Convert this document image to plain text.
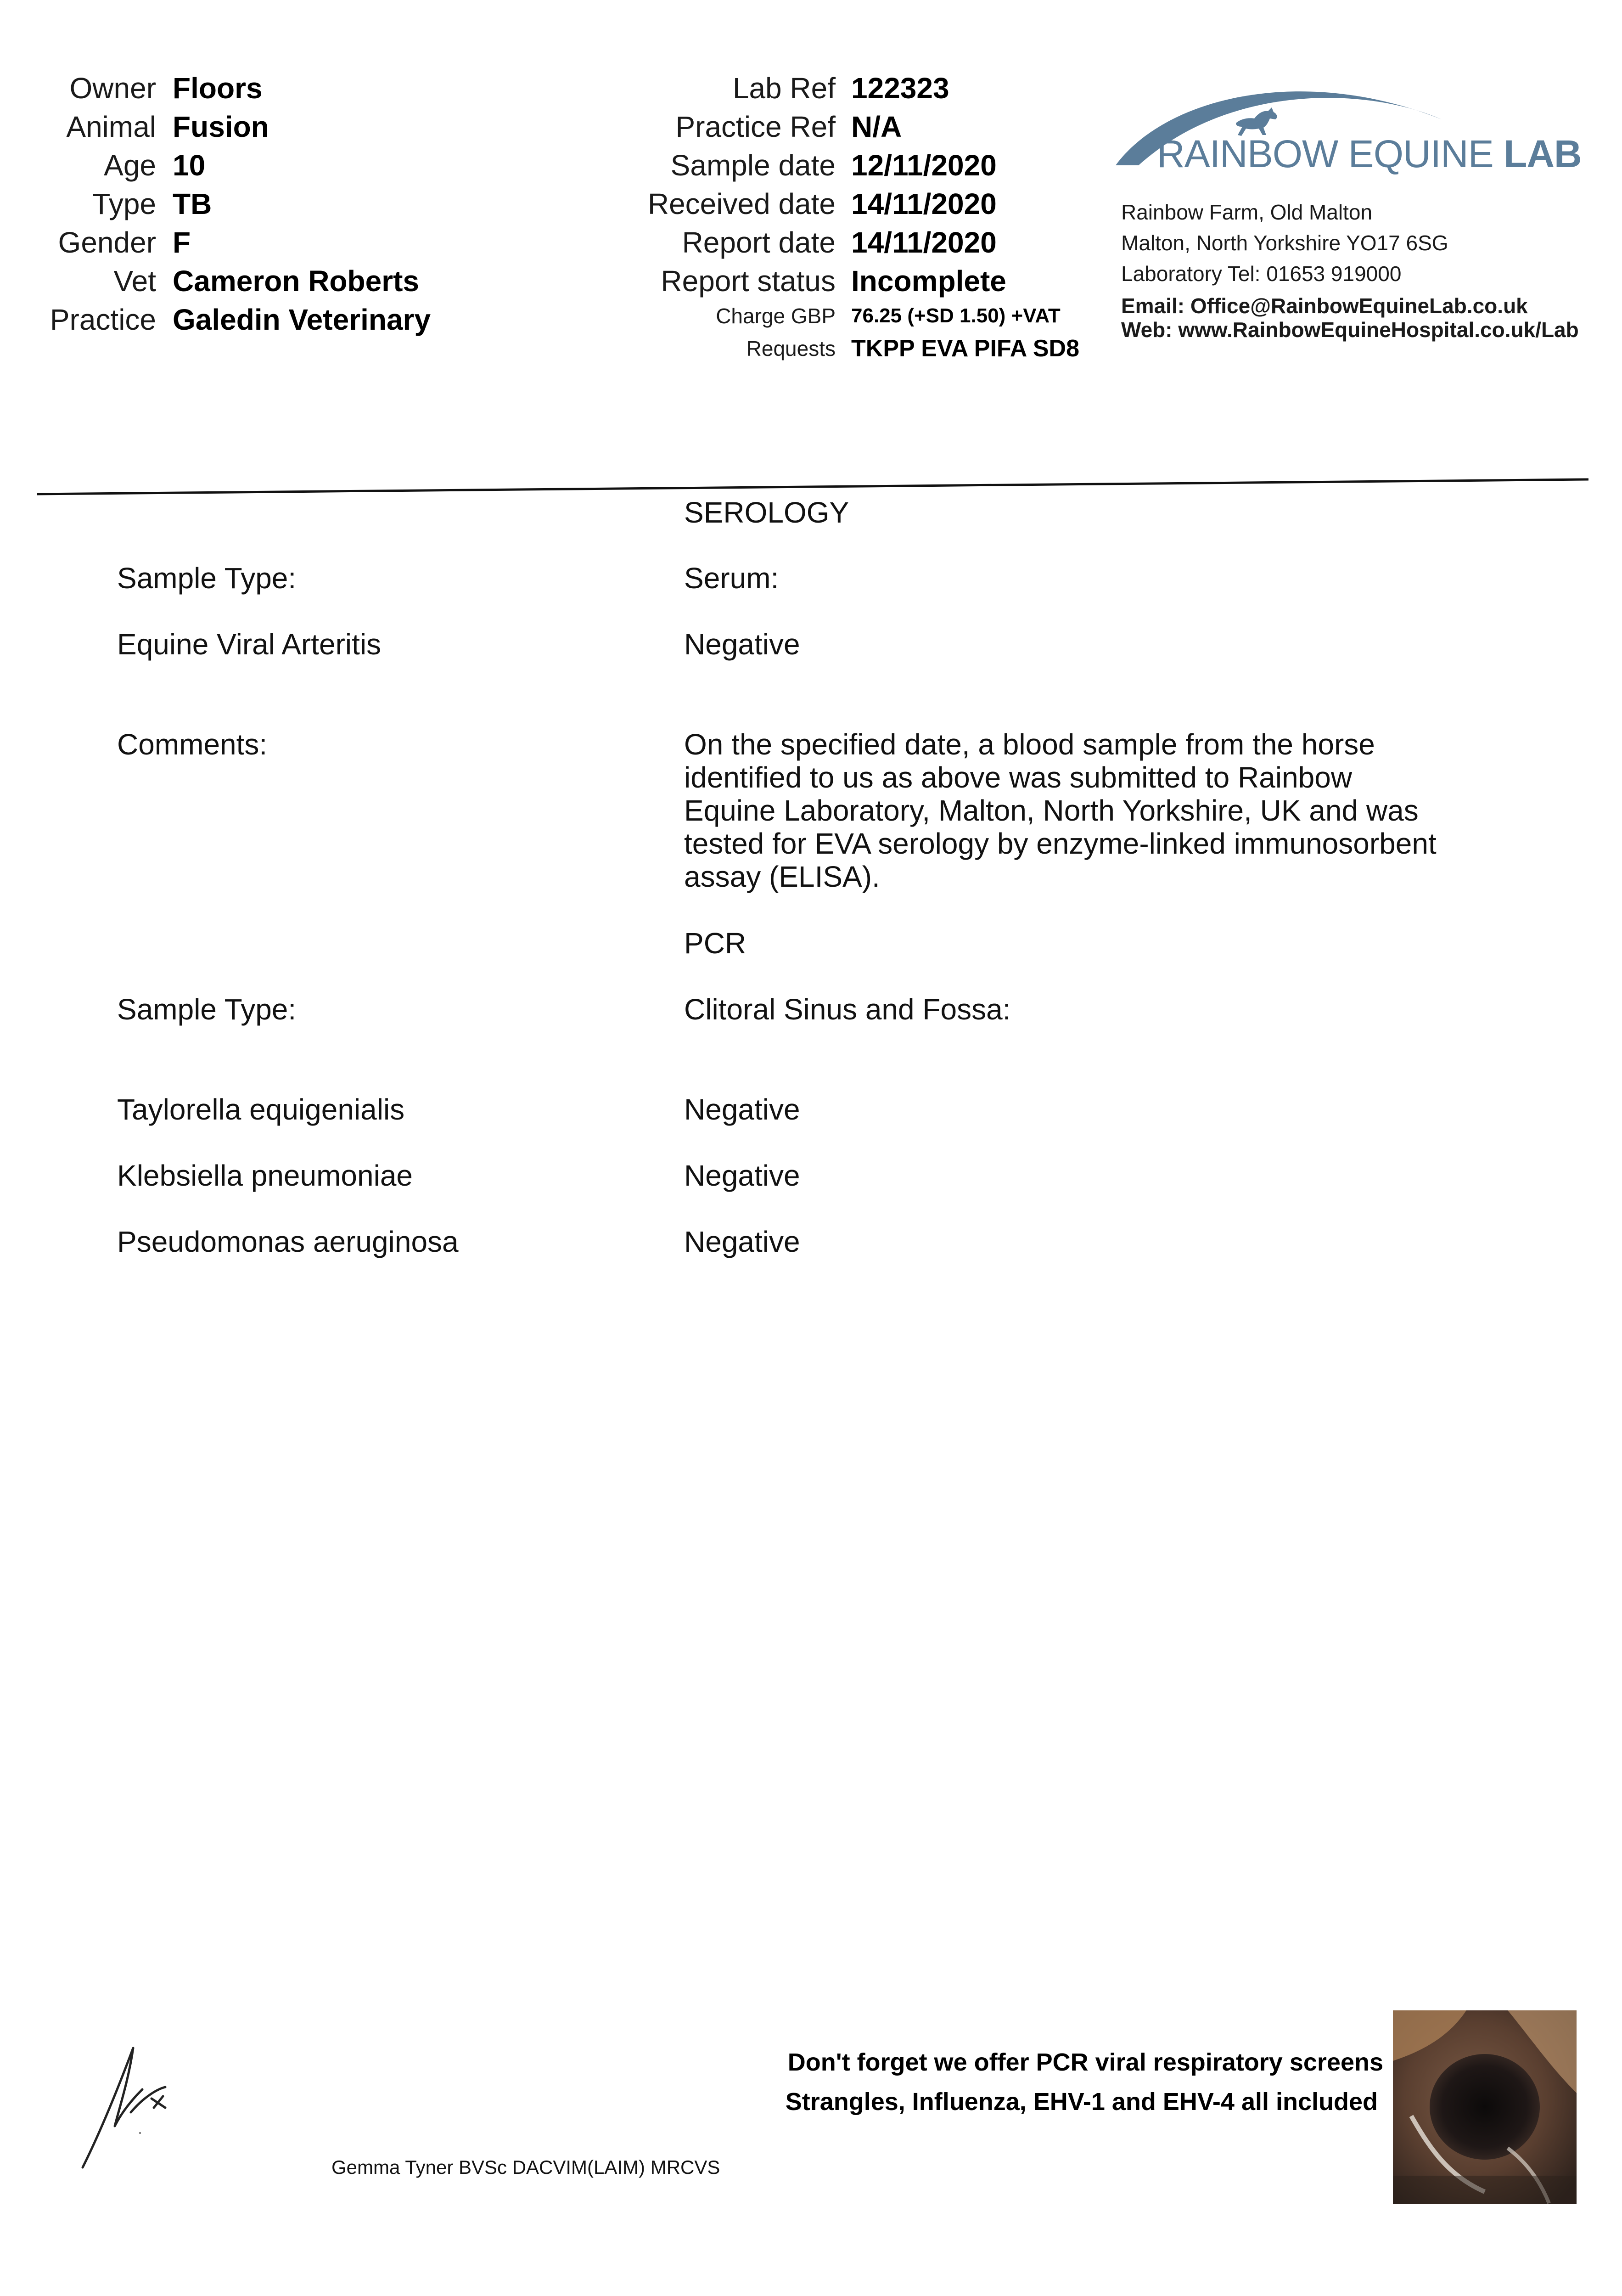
Owner Floors
Animal Fusion
Age 10
Type TB
Gender F
Vet Cameron Roberts
Practice Galedin Veterinary
Lab Ref 122323
Practice Ref N/A
Sample date 12/11/2020
Received date 14/11/2020
Report date 14/11/2020
Report status Incomplete
Charge GBP 76.25 (+SD 1.50) +VAT
Requests TKPP EVA PIFA SD8
RAINBOW EQUINE LAB
Rainbow Farm, Old Malton
Malton, North Yorkshire YO17 6SG
Laboratory Tel: 01653 919000
Email: Office@RainbowEquineLab.co.uk
Web: www.RainbowEquineHospital.co.uk/Lab
SEROLOGY
Sample Type:	Serum:
Equine Viral Arteritis	Negative
Comments:	On the specified date, a blood sample from the horse identified to us as above was submitted to Rainbow Equine Laboratory, Malton, North Yorkshire, UK and was tested for EVA serology by enzyme-linked immunosorbent assay (ELISA).
PCR
Sample Type:	Clitoral Sinus and Fossa:
Taylorella equigenialis	Negative
Klebsiella pneumoniae	Negative
Pseudomonas aeruginosa	Negative
Gemma Tyner BVSc DACVIM(LAIM) MRCVS
Don't forget we offer PCR viral respiratory screens
Strangles, Influenza, EHV-1 and EHV-4 all included
